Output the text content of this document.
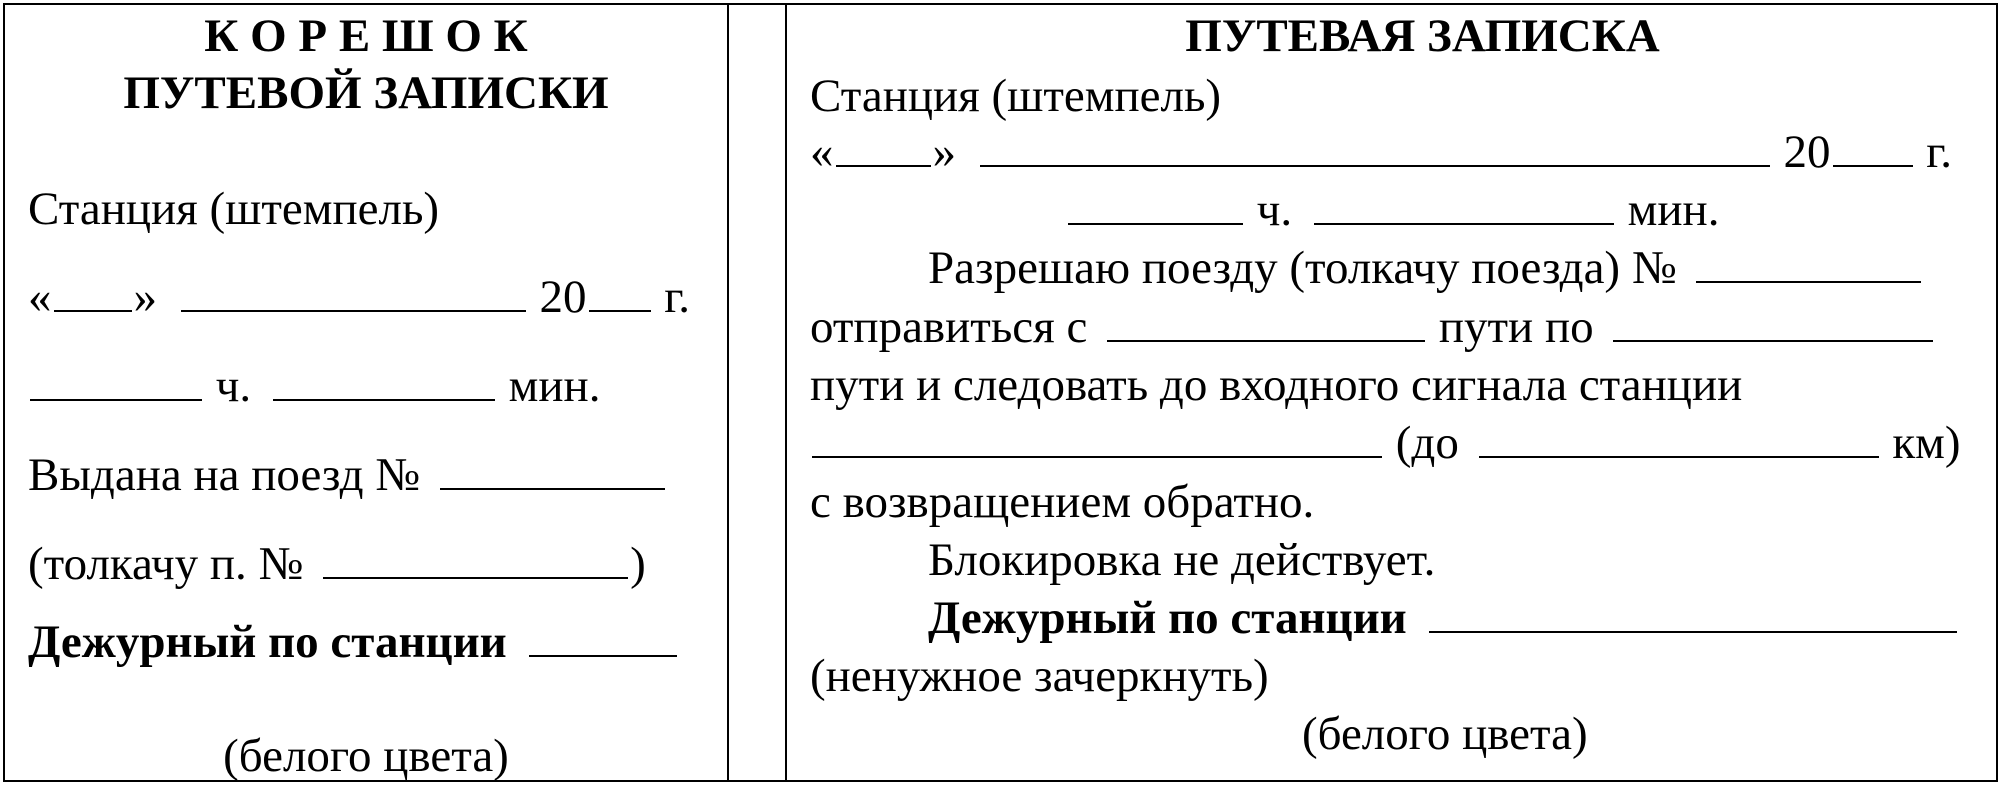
К О Р Е Ш О К
ПУТЕВОЙ ЗАПИСКИ
Станция (штемпель)
« »	20 г.
ч.	мин.
Выдана на поезд №
(толкачу п. №	)
Дежурный по станции
(белого цвета)
ПУТЕВАЯ ЗАПИСКА
Станция (штемпель)
« »	20 г.
ч.	мин.
Разрешаю поезду (толкачу поезда) №
отправиться с	пути по
пути и следовать до входного сигнала станции
(до	км)
с возвращением обратно.
Блокировка не действует.
Дежурный по станции
(ненужное зачеркнуть)
(белого цвета)
